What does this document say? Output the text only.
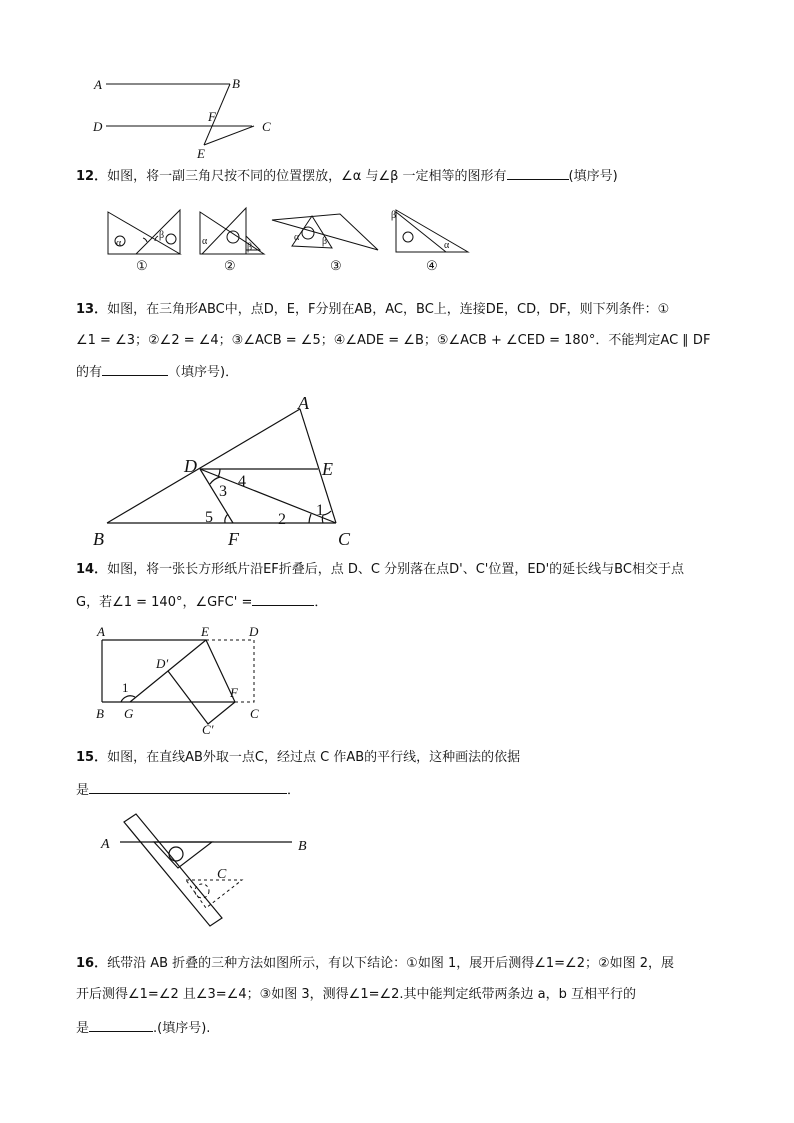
A	B
D
F
C
E
12．如图，将一副三角尺按不同的位置摆放，∠α 与∠β 一定相等的图形有	(填序号)
α
β
α
β
α β
β
α
①	②	③	④
13．如图，在三角形ABC中，点D，E，F分别在AB，AC，BC上，连接DE，CD，DF，则下列条件：①
∠1 = ∠3；②∠2 = ∠4；③∠ACB = ∠5；④∠ADE = ∠B；⑤∠ACB + ∠CED = 180°．不能判定AC ∥ DF
的有	（填序号)．
A
D	E
B	F	C
1
2
3
4
5
14．如图，将一张长方形纸片沿EF折叠后，点 D、C 分别落在点D'、C'位置，ED'的延长线与BC相交于点
G，若∠1 = 140°，∠GFC' =	．
A	E	D
D′
1	F
B G
C′
C
15．如图，在直线AB外取一点C，经过点 C 作AB的平行线，这种画法的依据
是	．
A	B
C
16．纸带沿 AB 折叠的三种方法如图所示，有以下结论：①如图 1，展开后测得∠1=∠2；②如图 2，展
开后测得∠1=∠2 且∠3=∠4；③如图 3，测得∠1=∠2.其中能判定纸带两条边 a，b 互相平行的
是	.(填序号).
